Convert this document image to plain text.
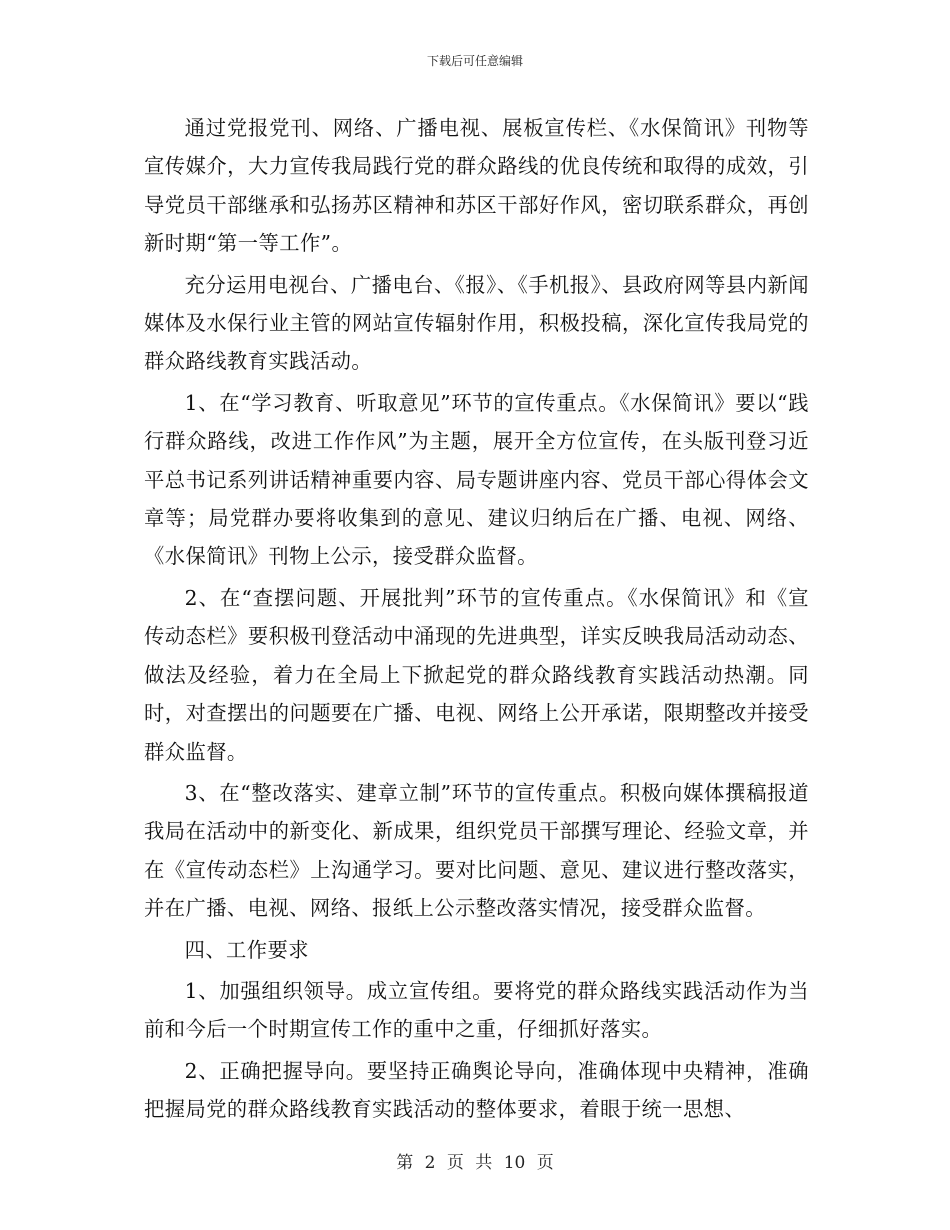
下载后可任意编辑

通过党报党刊、网络、广播电视、展板宣传栏、《水保简讯》刊物等宣传媒介，大力宣传我局践行党的群众路线的优良传统和取得的成效，引导党员干部继承和弘扬苏区精神和苏区干部好作风，密切联系群众，再创新时期“第一等工作”。

充分运用电视台、广播电台、《报》、《手机报》、县政府网等县内新闻媒体及水保行业主管的网站宣传辐射作用，积极投稿，深化宣传我局党的群众路线教育实践活动。

1、在“学习教育、听取意见”环节的宣传重点。《水保简讯》要以“践行群众路线，改进工作作风”为主题，展开全方位宣传，在头版刊登习近平总书记系列讲话精神重要内容、局专题讲座内容、党员干部心得体会文章等；局党群办要将收集到的意见、建议归纳后在广播、电视、网络、《水保简讯》刊物上公示，接受群众监督。

2、在“查摆问题、开展批判”环节的宣传重点。《水保简讯》和《宣传动态栏》要积极刊登活动中涌现的先进典型，详实反映我局活动动态、做法及经验，着力在全局上下掀起党的群众路线教育实践活动热潮。同时，对查摆出的问题要在广播、电视、网络上公开承诺，限期整改并接受群众监督。

3、在“整改落实、建章立制”环节的宣传重点。积极向媒体撰稿报道我局在活动中的新变化、新成果，组织党员干部撰写理论、经验文章，并在《宣传动态栏》上沟通学习。要对比问题、意见、建议进行整改落实，并在广播、电视、网络、报纸上公示整改落实情况，接受群众监督。

四、工作要求

1、加强组织领导。成立宣传组。要将党的群众路线实践活动作为当前和今后一个时期宣传工作的重中之重，仔细抓好落实。

2、正确把握导向。要坚持正确舆论导向，准确体现中央精神，准确把握局党的群众路线教育实践活动的整体要求，着眼于统一思想、

第 2 页 共 10 页
